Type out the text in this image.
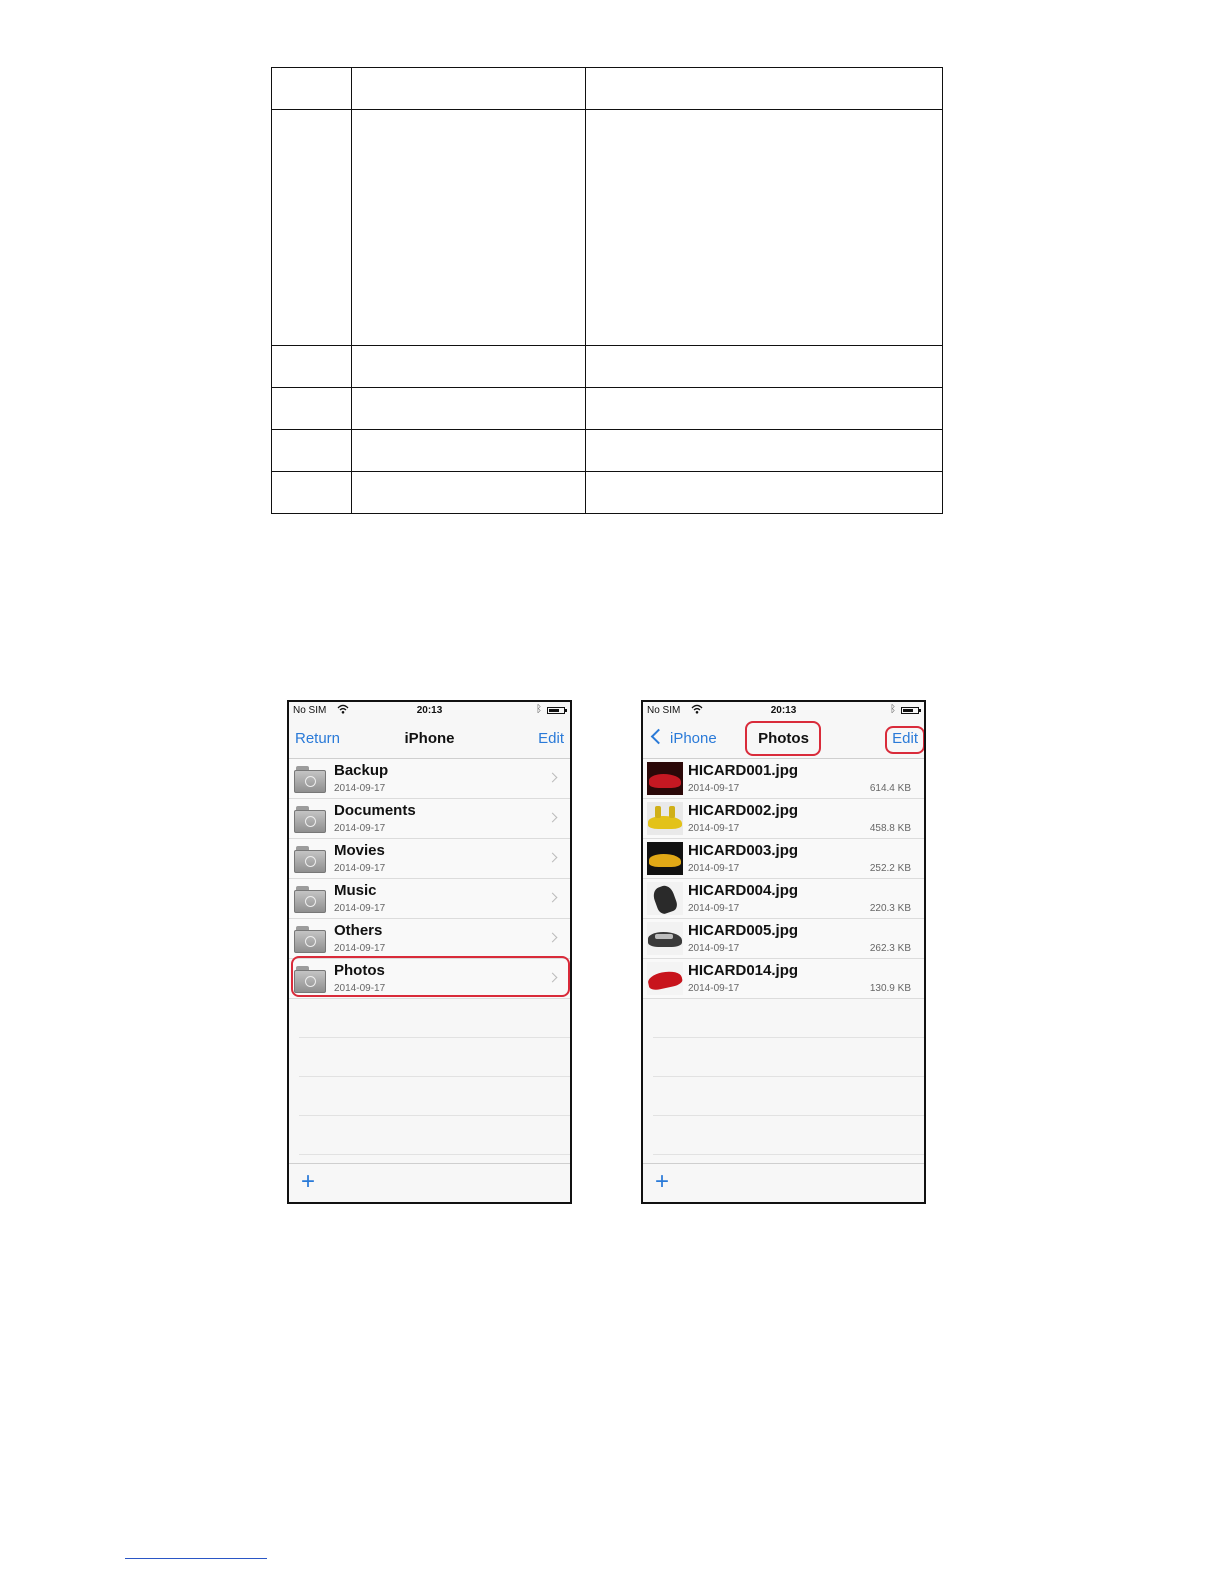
No SIM	20:13	ᛒ
Return	iPhone	Edit
Backup
2014-09-17
Documents
2014-09-17
Movies
2014-09-17
Music
2014-09-17
Others
2014-09-17
Photos
2014-09-17
+
No SIM	20:13	ᛒ
iPhone	Photos	Edit
HICARD001.jpg
2014-09-17	614.4 KB
HICARD002.jpg
2014-09-17	458.8 KB
HICARD003.jpg
2014-09-17	252.2 KB
HICARD004.jpg
2014-09-17	220.3 KB
HICARD005.jpg
2014-09-17	262.3 KB
HICARD014.jpg
2014-09-17	130.9 KB
+
